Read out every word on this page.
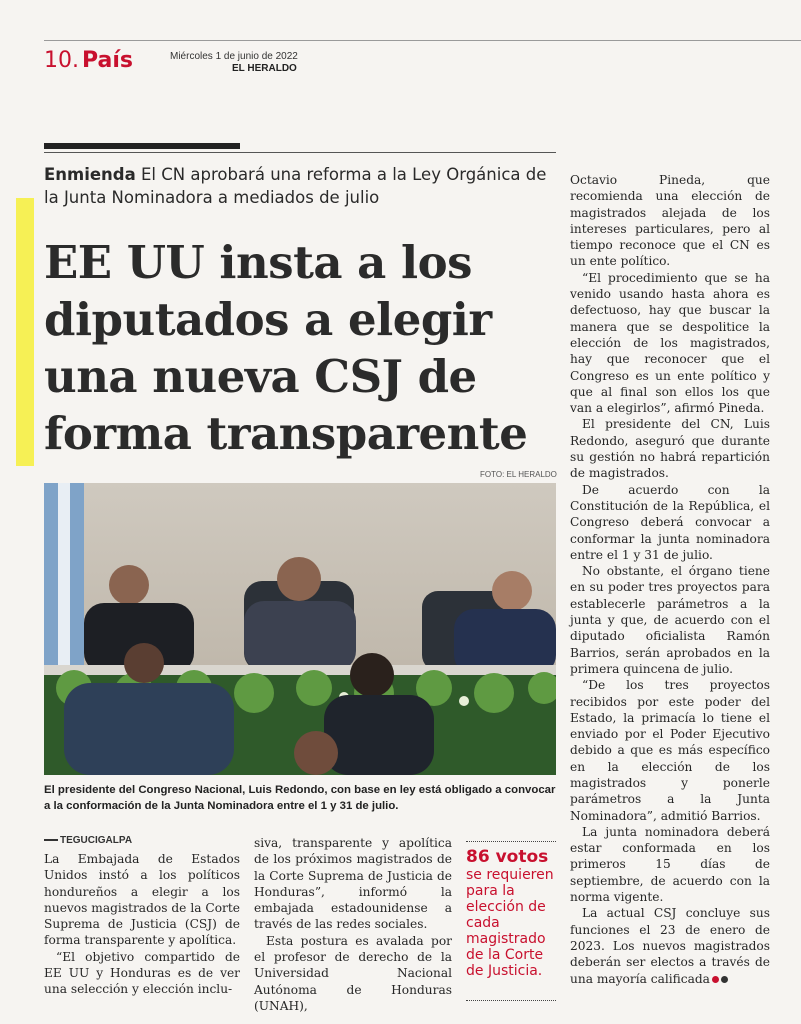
10. País	Miércoles 1 de junio de 2022
EL HERALDO
Enmienda El CN aprobará una reforma a la Ley Orgánica de la Junta Nominadora a mediados de julio
EE UU insta a los diputados a elegir una nueva CSJ de forma transparente
FOTO: EL HERALDO
El presidente del Congreso Nacional, Luis Redondo, con base en ley está obligado a convocar a la conformación de la Junta Nominadora entre el 1 y 31 de julio.
TEGUCIGALPA

La Embajada de Estados Unidos instó a los políticos hondureños a elegir a los nuevos magistrados de la Corte Suprema de Justicia (CSJ) de forma transparente y apolítica.

“El objetivo compartido de EE UU y Honduras es de ver una selección y elección inclu-

siva, transparente y apolítica de los próximos magistrados de la Corte Suprema de Justicia de Honduras”, informó la embajada estadounidense a través de las redes sociales.

Esta postura es avalada por el profesor de derecho de la Universidad Nacional Autónoma de Honduras (UNAH),

86 votos
se requieren para la elección de cada magistrado de la Corte de Justicia.

Octavio Pineda, que recomienda una elección de magistrados alejada de los intereses particulares, pero al tiempo reconoce que el CN es un ente político.

“El procedimiento que se ha venido usando hasta ahora es defectuoso, hay que buscar la manera que se despolitice la elección de los magistrados, hay que reconocer que el Congreso es un ente político y que al final son ellos los que van a elegirlos”, afirmó Pineda.

El presidente del CN, Luis Redondo, aseguró que durante su gestión no habrá repartición de magistrados.

De acuerdo con la Constitución de la República, el Congreso deberá convocar a conformar la junta nominadora entre el 1 y 31 de julio.

No obstante, el órgano tiene en su poder tres proyectos para establecerle parámetros a la junta y que, de acuerdo con el diputado oficialista Ramón Barrios, serán aprobados en la primera quincena de julio.

“De los tres proyectos recibidos por este poder del Estado, la primacía lo tiene el enviado por el Poder Ejecutivo debido a que es más específico en la elección de los magistrados y ponerle parámetros a la Junta Nominadora”, admitió Barrios.

La junta nominadora deberá estar conformada en los primeros 15 días de septiembre, de acuerdo con la norma vigente.

La actual CSJ concluye sus funciones el 23 de enero de 2023. Los nuevos magistrados deberán ser electos a través de una mayoría calificada
